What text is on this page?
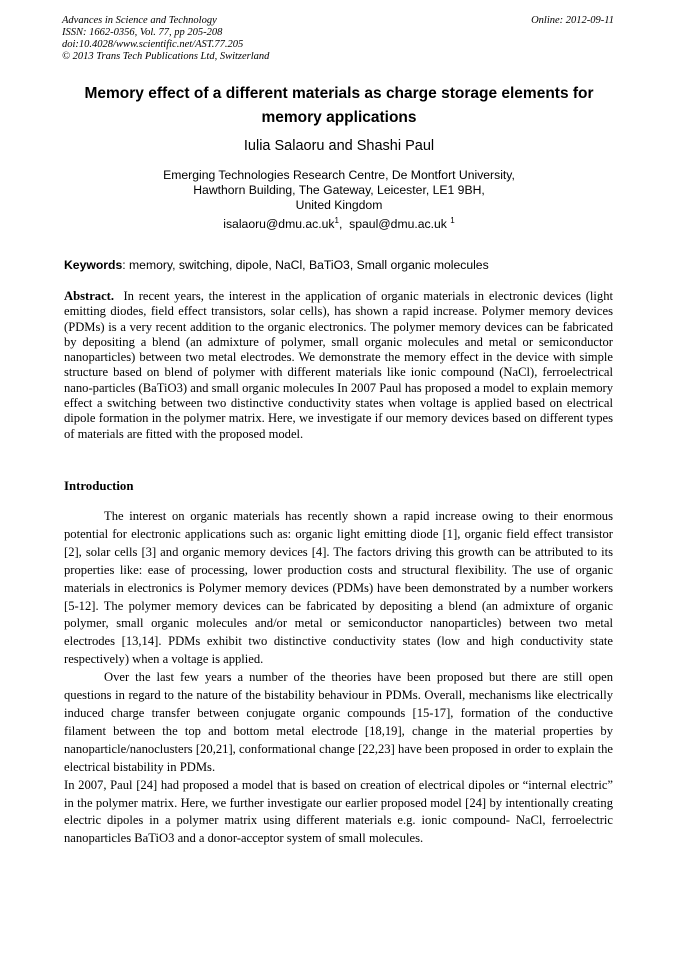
Advances in Science and Technology
ISSN: 1662-0356, Vol. 77, pp 205-208
doi:10.4028/www.scientific.net/AST.77.205
© 2013 Trans Tech Publications Ltd, Switzerland
Online: 2012-09-11
Memory effect of a different materials as charge storage elements for memory applications
Iulia Salaoru and Shashi Paul
Emerging Technologies Research Centre, De Montfort University,
Hawthorn Building, The Gateway, Leicester, LE1 9BH,
United Kingdom
$isalaoru@dmu.ac.uk^1$,  spaul@dmu.ac.uk $^1$
Keywords: memory, switching, dipole, NaCl, BaTiO3, Small organic molecules
Abstract. In recent years, the interest in the application of organic materials in electronic devices (light emitting diodes, field effect transistors, solar cells), has shown a rapid increase. Polymer memory devices (PDMs) is a very recent addition to the organic electronics. The polymer memory devices can be fabricated by depositing a blend (an admixture of polymer, small organic molecules and metal or semiconductor nanoparticles) between two metal electrodes. We demonstrate the memory effect in the device with simple structure based on blend of polymer with different materials like ionic compound (NaCl), ferroelectrical nano-particles (BaTiO3) and small organic molecules In 2007 Paul has proposed a model to explain memory effect a switching between two distinctive conductivity states when voltage is applied based on electrical dipole formation in the polymer matrix. Here, we investigate if our memory devices based on different types of materials are fitted with the proposed model.
Introduction

The interest on organic materials has recently shown a rapid increase owing to their enormous potential for electronic applications such as: organic light emitting diode [1], organic field effect transistor [2], solar cells [3] and organic memory devices [4]. The factors driving this growth can be attributed to its properties like: ease of processing, lower production costs and structural flexibility. The use of organic materials in electronics is Polymer memory devices (PDMs) have been demonstrated by a number workers [5-12]. The polymer memory devices can be fabricated by depositing a blend (an admixture of organic polymer, small organic molecules and/or metal or semiconductor nanoparticles) between two metal electrodes [13,14]. PDMs exhibit two distinctive conductivity states (low and high conductivity state respectively) when a voltage is applied.

Over the last few years a number of the theories have been proposed but there are still open questions in regard to the nature of the bistability behaviour in PDMs. Overall, mechanisms like electrically induced charge transfer between conjugate organic compounds [15-17], formation of the conductive filament between the top and bottom metal electrode [18,19], change in the material properties by nanoparticle/nanoclusters [20,21], conformational change [22,23] have been proposed in order to explain the electrical bistability in PDMs.

In 2007, Paul [24] had proposed a model that is based on creation of electrical dipoles or “internal electric” in the polymer matrix. Here, we further investigate our earlier proposed model [24] by intentionally creating electric dipoles in a polymer matrix using different materials e.g. ionic compound- NaCl, ferroelectric nanoparticles BaTiO3 and a donor-acceptor system of small molecules.
